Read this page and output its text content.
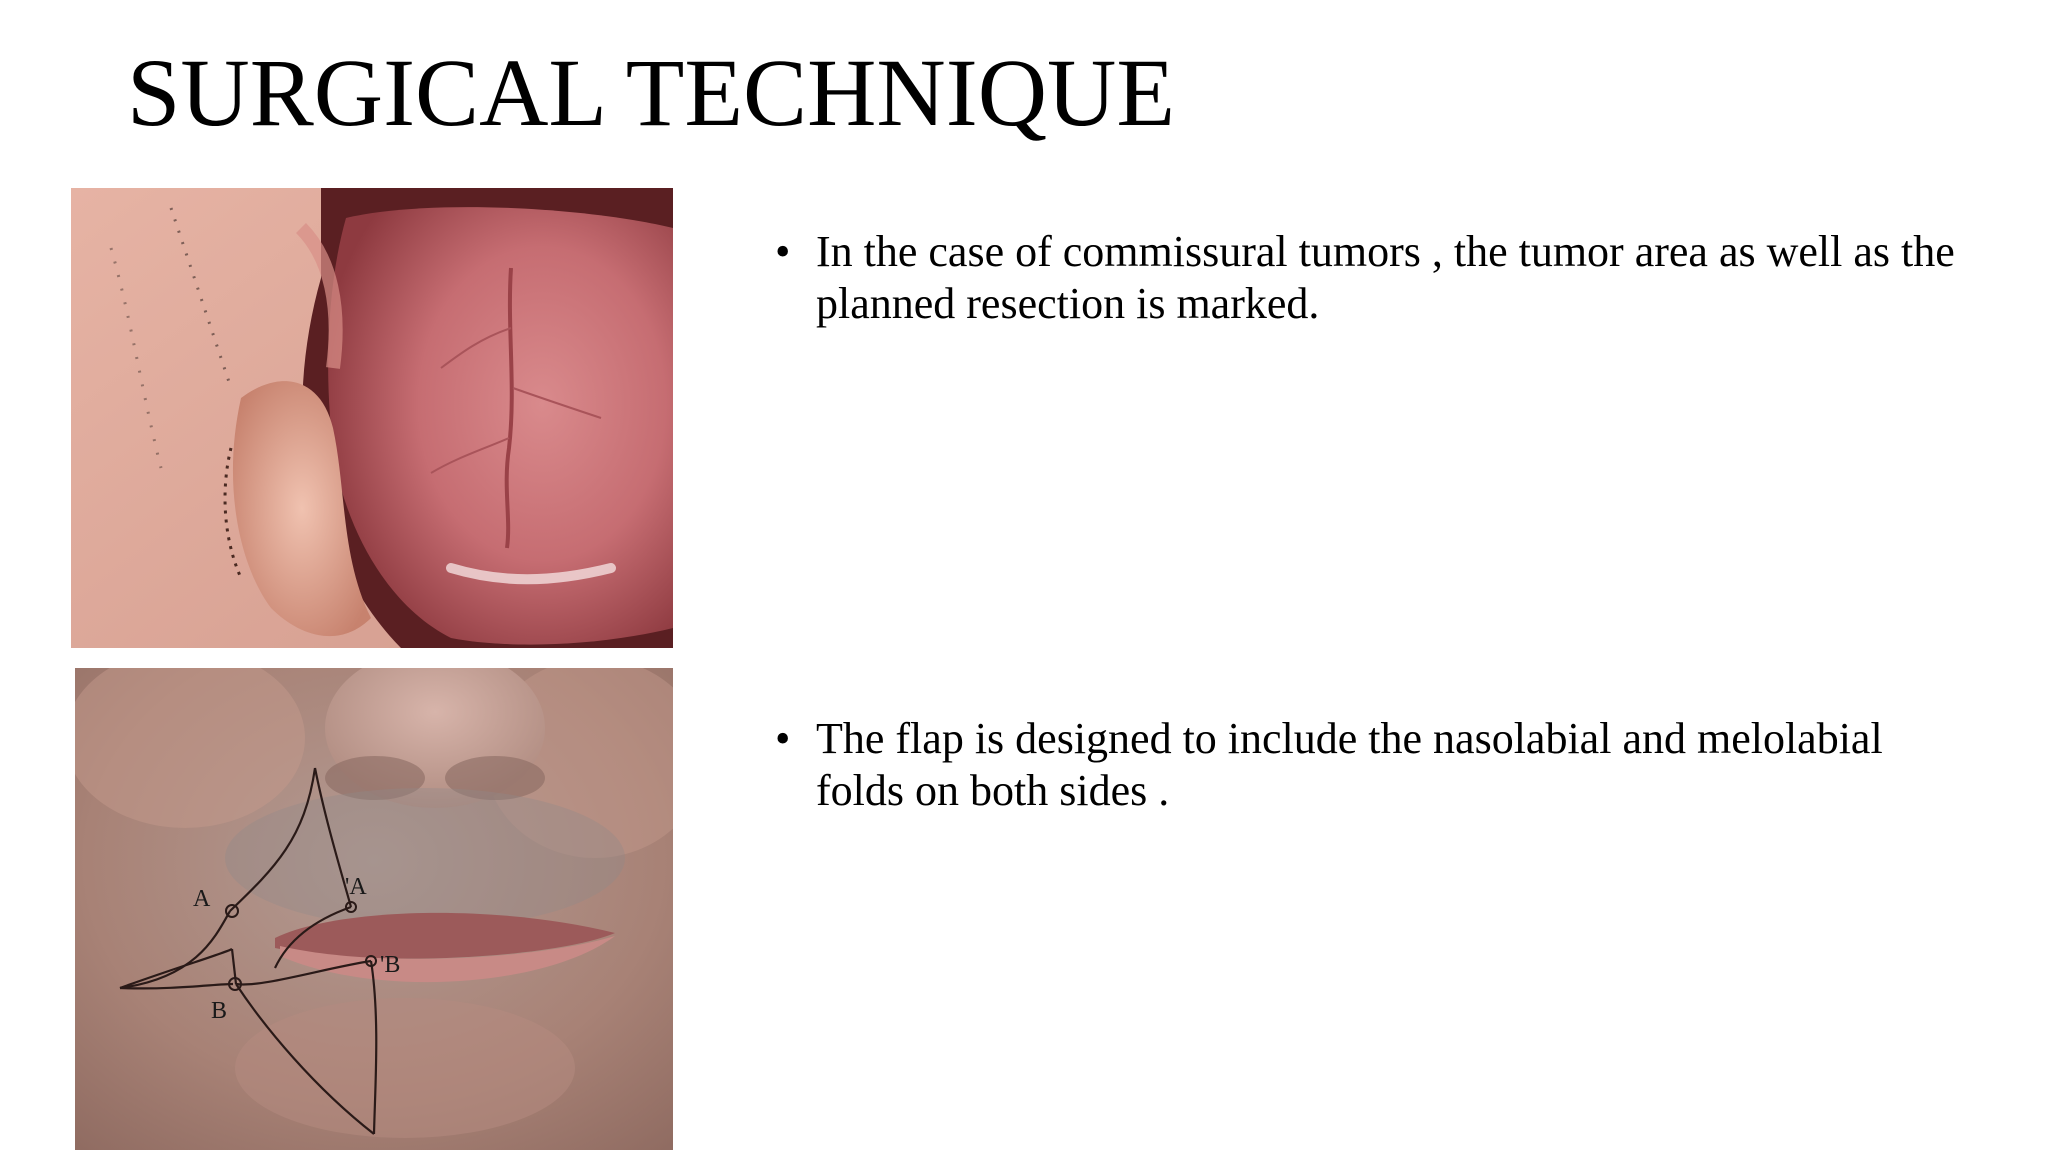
SURGICAL TECHNIQUE
A	'A
B
'B
• In the case of commissural tumors , the tumor area as well as the planned resection is marked.
• The flap is designed to include the nasolabial and melolabial folds on both sides .
